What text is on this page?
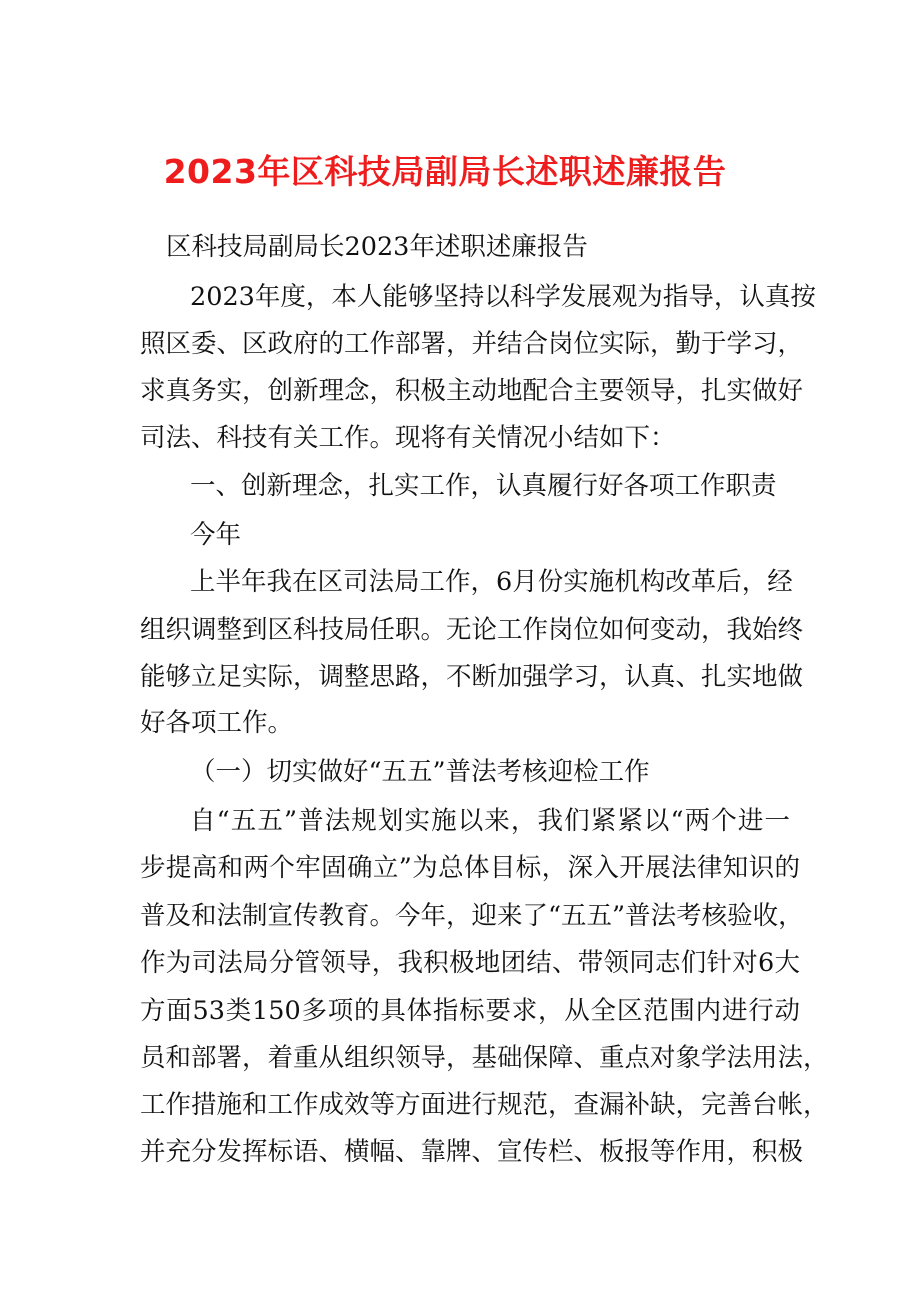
2023年区科技局副局长述职述廉报告
区科技局副局长2023年述职述廉报告
2023年度，本人能够坚持以科学发展观为指导，认真按
照区委、区政府的工作部署，并结合岗位实际，勤于学习，
求真务实，创新理念，积极主动地配合主要领导，扎实做好
司法、科技有关工作。现将有关情况小结如下：
一、创新理念，扎实工作，认真履行好各项工作职责
今年
上半年我在区司法局工作，6月份实施机构改革后，经
组织调整到区科技局任职。无论工作岗位如何变动，我始终
能够立足实际，调整思路，不断加强学习，认真、扎实地做
好各项工作。
（一）切实做好“五五”普法考核迎检工作
自“五五”普法规划实施以来，我们紧紧以“两个进一
步提高和两个牢固确立”为总体目标，深入开展法律知识的
普及和法制宣传教育。今年，迎来了“五五”普法考核验收，
作为司法局分管领导，我积极地团结、带领同志们针对6大
方面53类150多项的具体指标要求，从全区范围内进行动
员和部署，着重从组织领导，基础保障、重点对象学法用法，
工作措施和工作成效等方面进行规范，查漏补缺，完善台帐，
并充分发挥标语、横幅、靠牌、宣传栏、板报等作用，积极
